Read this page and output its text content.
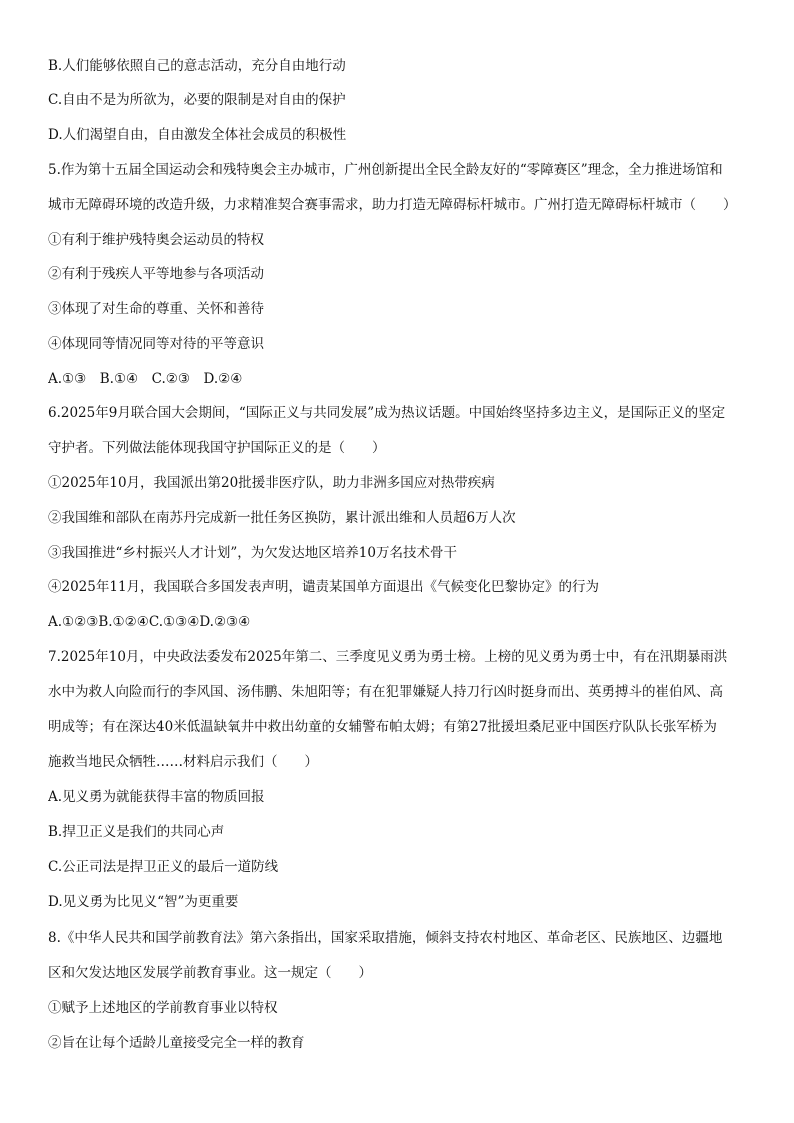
B.人们能够依照自己的意志活动，充分自由地行动
C.自由不是为所欲为，必要的限制是对自由的保护
D.人们渴望自由，自由激发全体社会成员的积极性
5.作为第十五届全国运动会和残特奥会主办城市，广州创新提出全民全龄友好的“零障赛区”理念，全力推进场馆和
城市无障碍环境的改造升级，力求精准契合赛事需求，助力打造无障碍标杆城市。广州打造无障碍标杆城市（　　）
①有利于维护残特奥会运动员的特权
②有利于残疾人平等地参与各项活动
③体现了对生命的尊重、关怀和善待
④体现同等情况同等对待的平等意识
A.①③　B.①④　C.②③　D.②④
6.2025年9月联合国大会期间，“国际正义与共同发展”成为热议话题。中国始终坚持多边主义，是国际正义的坚定
守护者。下列做法能体现我国守护国际正义的是（　　）
①2025年10月，我国派出第20批援非医疗队，助力非洲多国应对热带疾病
②我国维和部队在南苏丹完成新一批任务区换防，累计派出维和人员超6万人次
③我国推进“乡村振兴人才计划”，为欠发达地区培养10万名技术骨干
④2025年11月，我国联合多国发表声明，谴责某国单方面退出《气候变化巴黎协定》的行为
A.①②③B.①②④C.①③④D.②③④
7.2025年10月，中央政法委发布2025年第二、三季度见义勇为勇士榜。上榜的见义勇为勇士中，有在汛期暴雨洪
水中为救人向险而行的李风国、汤伟鹏、朱旭阳等；有在犯罪嫌疑人持刀行凶时挺身而出、英勇搏斗的崔伯风、高
明成等；有在深达40米低温缺氧井中救出幼童的女辅警布帕太姆；有第27批援坦桑尼亚中国医疗队队长张军桥为
施救当地民众牺牲……材料启示我们（　　）
A.见义勇为就能获得丰富的物质回报
B.捍卫正义是我们的共同心声
C.公正司法是捍卫正义的最后一道防线
D.见义勇为比见义“智”为更重要
8.《中华人民共和国学前教育法》第六条指出，国家采取措施，倾斜支持农村地区、革命老区、民族地区、边疆地
区和欠发达地区发展学前教育事业。这一规定（　　）
①赋予上述地区的学前教育事业以特权
②旨在让每个适龄儿童接受完全一样的教育
